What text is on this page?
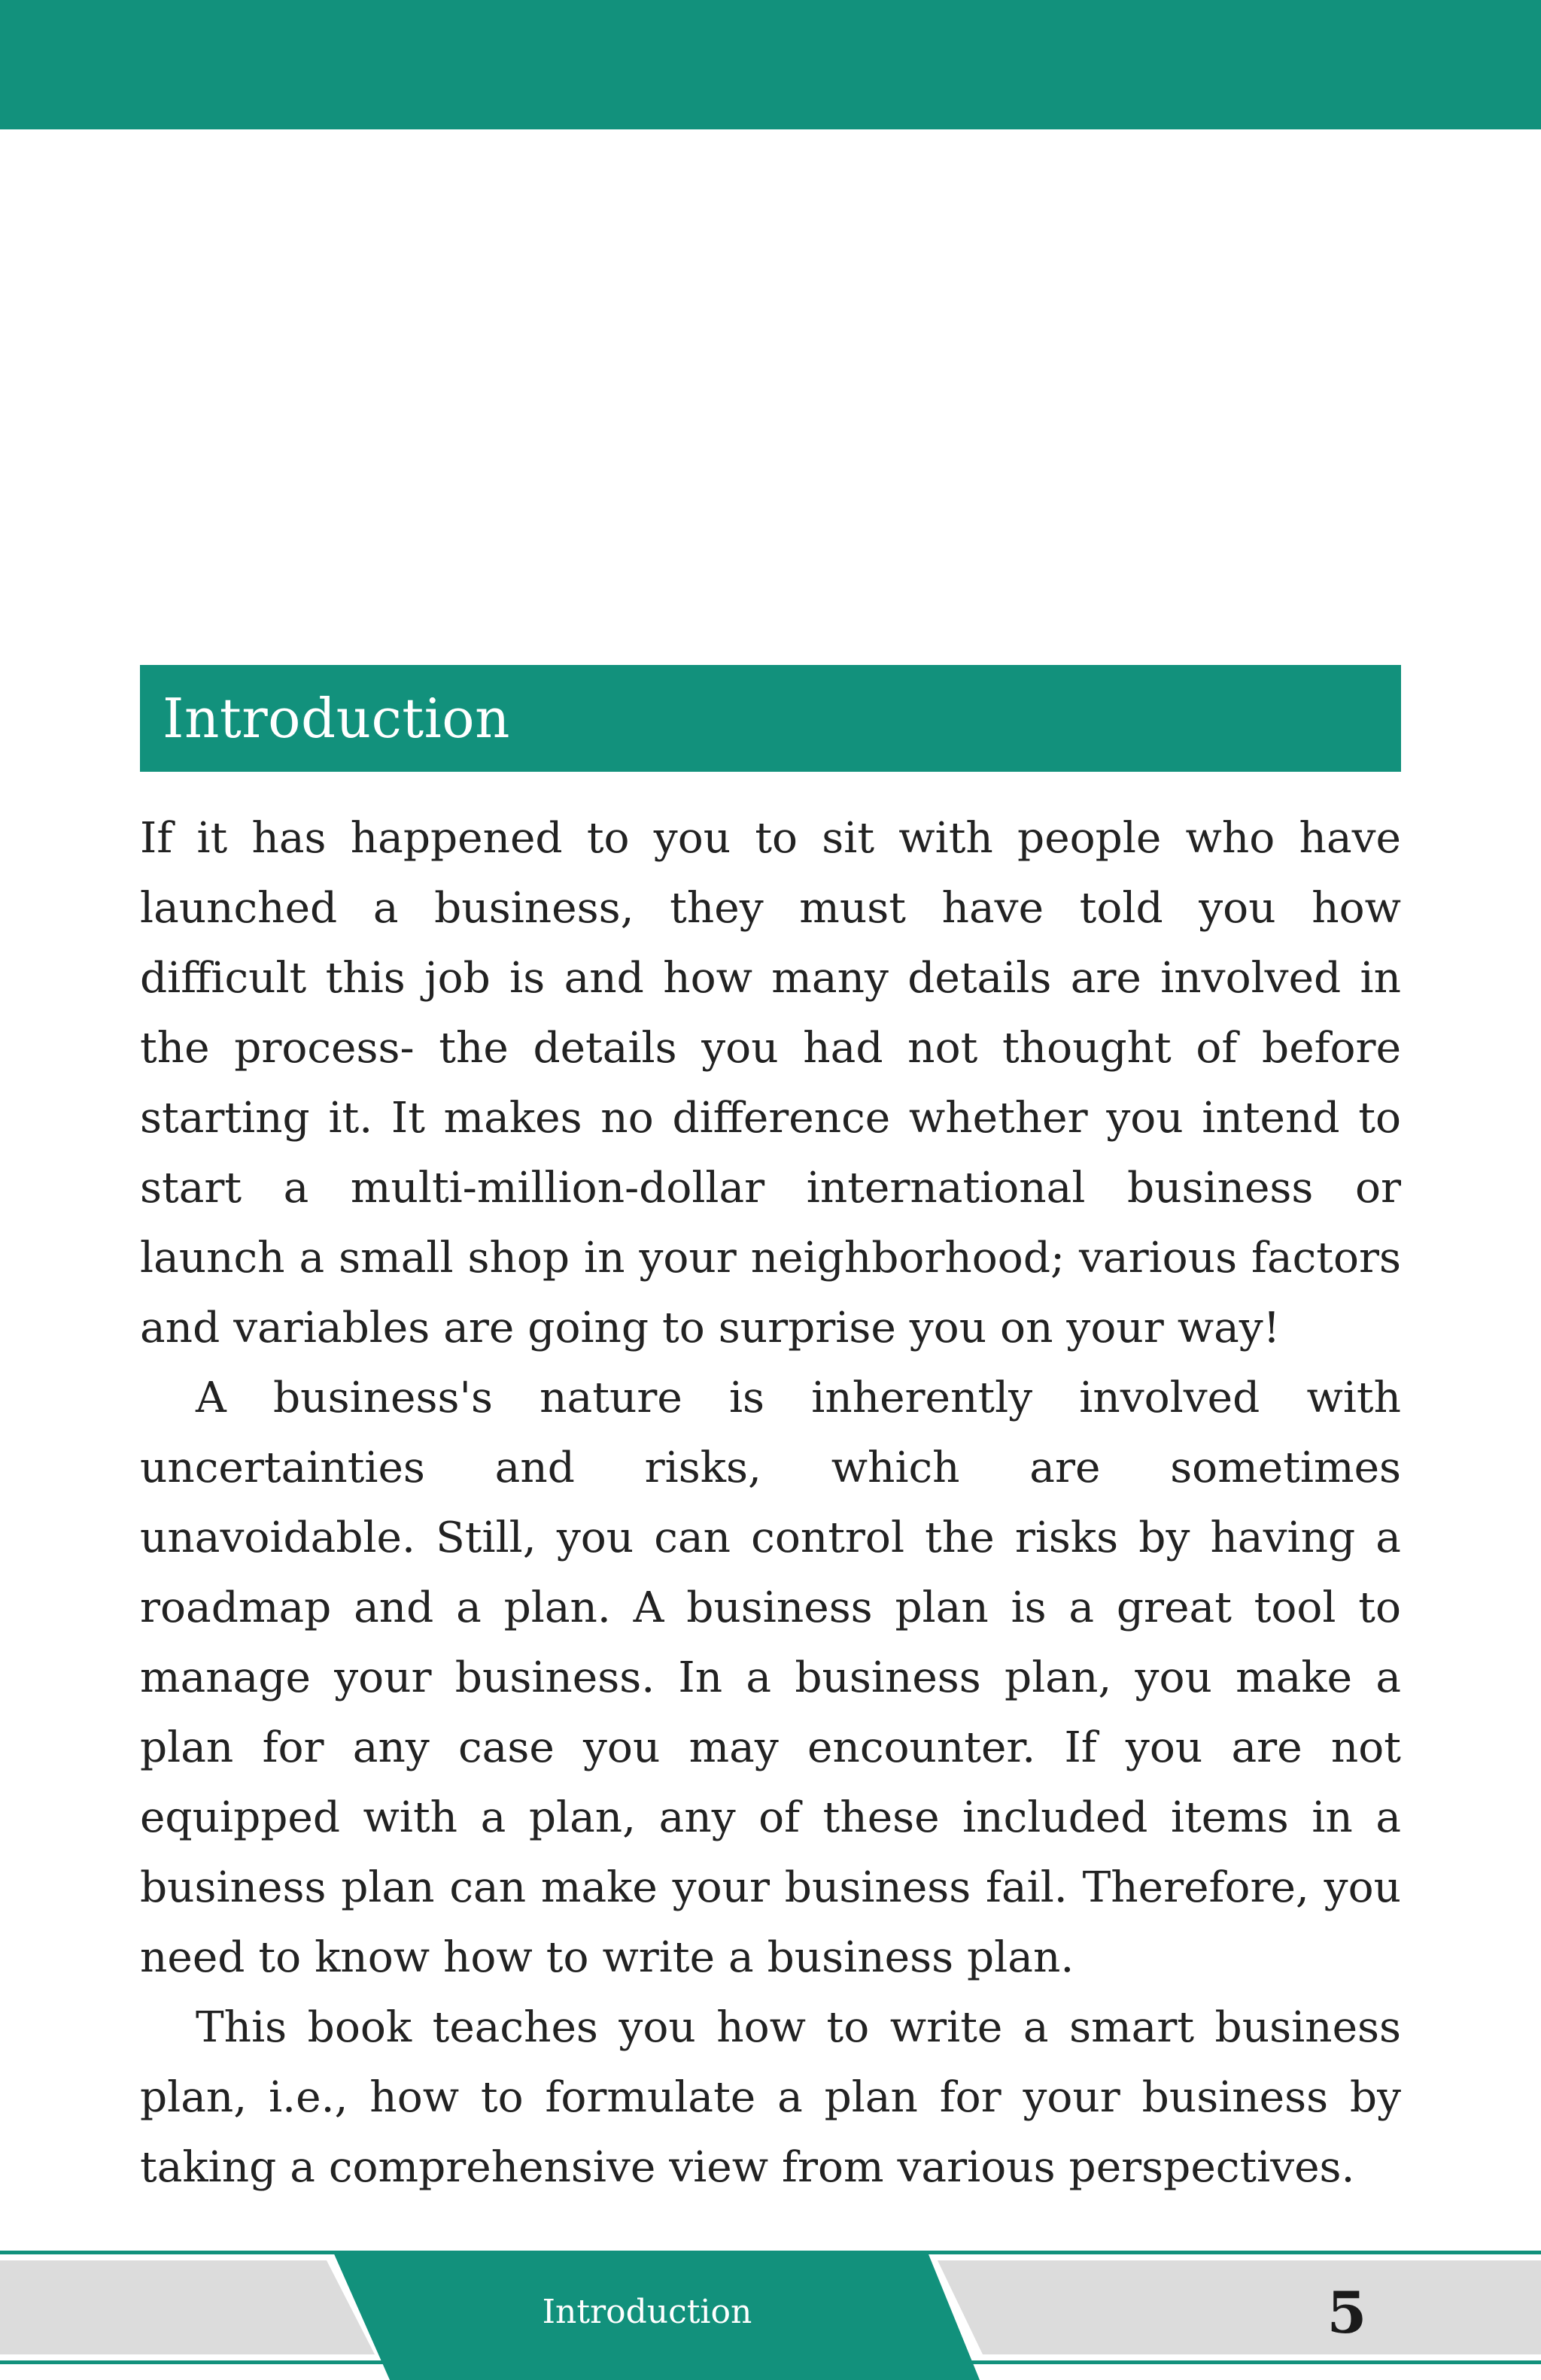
Introduction

If it has happened to you to sit with people who have launched a business, they must have told you how difficult this job is and how many details are involved in the process- the details you had not thought of before starting it. It makes no difference whether you intend to start a multi-million-dollar international business or launch a small shop in your neighborhood; various factors and variables are going to surprise you on your way!

A business's nature is inherently involved with uncertainties and risks, which are sometimes unavoidable. Still, you can control the risks by having a roadmap and a plan. A business plan is a great tool to manage your business. In a business plan, you make a plan for any case you may encounter. If you are not equipped with a plan, any of these included items in a business plan can make your business fail. Therefore, you need to know how to write a business plan.

This book teaches you how to write a smart business plan, i.e., how to formulate a plan for your business by taking a comprehensive view from various perspectives.

Introduction	5
